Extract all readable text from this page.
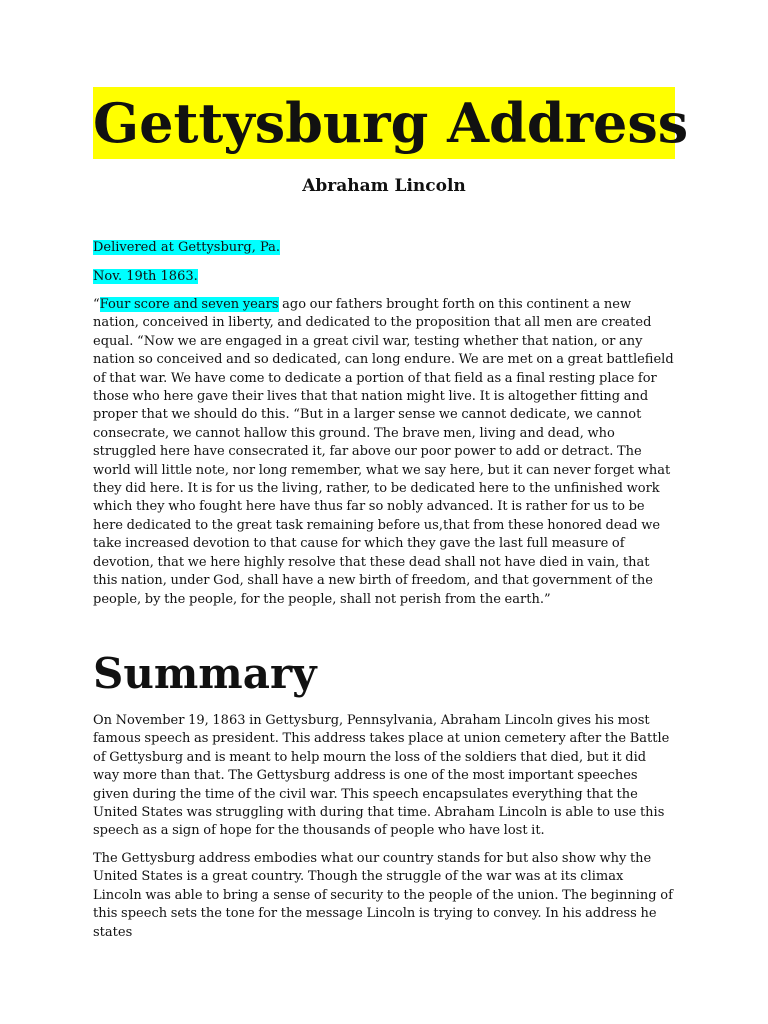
Gettysburg Address
Abraham Lincoln
Delivered at Gettysburg, Pa.
Nov. 19th 1863.

“Four score and seven years ago our fathers brought forth on this continent a new nation, conceived in liberty, and dedicated to the proposition that all men are created equal. “Now we are engaged in a great civil war, testing whether that nation, or any nation so conceived and so dedicated, can long endure. We are met on a great battlefield of that war. We have come to dedicate a portion of that field as a final resting place for those who here gave their lives that that nation might live. It is altogether fitting and proper that we should do this. “But in a larger sense we cannot dedicate, we cannot consecrate, we cannot hallow this ground. The brave men, living and dead, who struggled here have consecrated it, far above our poor power to add or detract. The world will little note, nor long remember, what we say here, but it can never forget what they did here. It is for us the living, rather, to be dedicated here to the unfinished work which they who fought here have thus far so nobly advanced. It is rather for us to be here dedicated to the great task remaining before us,that from these honored dead we take increased devotion to that cause for which they gave the last full measure of devotion, that we here highly resolve that these dead shall not have died in vain, that this nation, under God, shall have a new birth of freedom, and that government of the people, by the people, for the people, shall not perish from the earth.”

Summary

On November 19, 1863 in Gettysburg, Pennsylvania, Abraham Lincoln gives his most famous speech as president. This address takes place at union cemetery after the Battle of Gettysburg and is meant to help mourn the loss of the soldiers that died, but it did way more than that. The Gettysburg address is one of the most important speeches given during the time of the civil war. This speech encapsulates everything that the United States was struggling with during that time. Abraham Lincoln is able to use this speech as a sign of hope for the thousands of people who have lost it.

The Gettysburg address embodies what our country stands for but also show why the United States is a great country. Though the struggle of the war was at its climax Lincoln was able to bring a sense of security to the people of the union. The beginning of this speech sets the tone for the message Lincoln is trying to convey. In his address he states
